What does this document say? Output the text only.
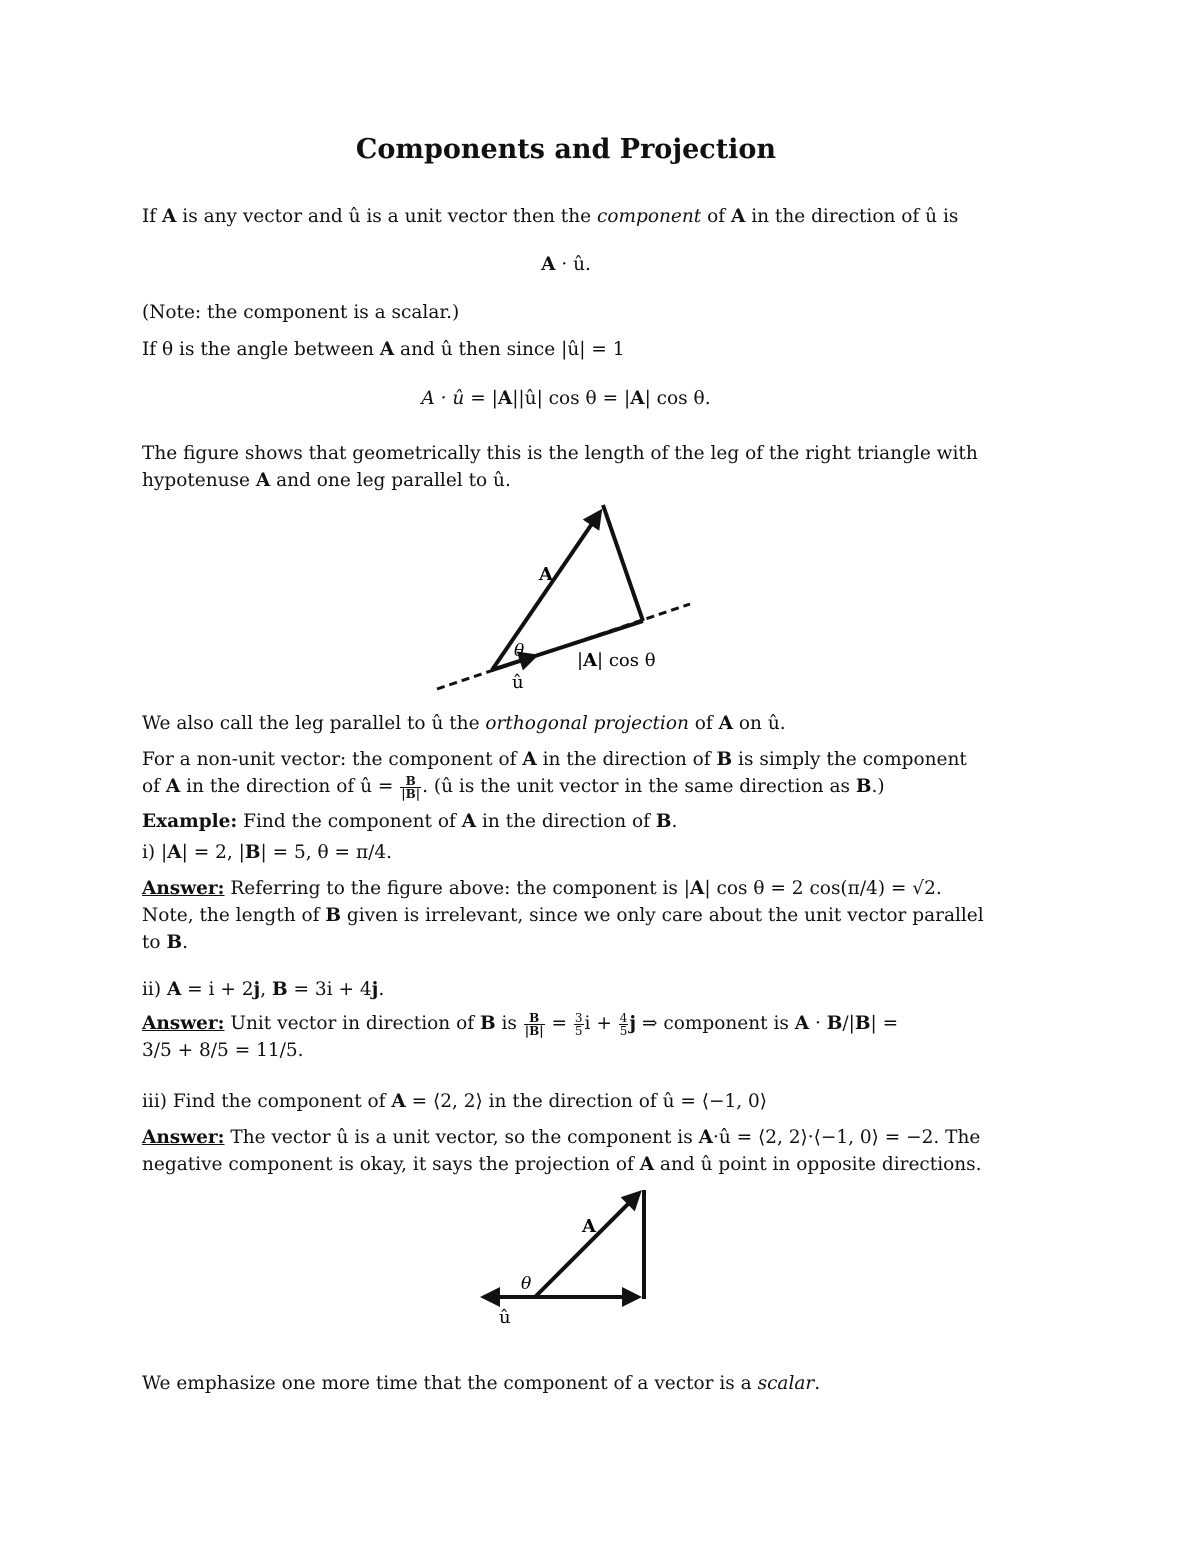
Components and Projection
If A is any vector and û is a unit vector then the component of A in the direction of û is
A · û.
(Note: the component is a scalar.)
If θ is the angle between A and û then since |û| = 1
A · û = |A||û| cos θ = |A| cos θ.
The figure shows that geometrically this is the length of the leg of the right triangle with
hypotenuse A and one leg parallel to û.
We also call the leg parallel to û the orthogonal projection of A on û.
For a non-unit vector: the component of A in the direction of B is simply the component
of A in the direction of û = $\frac{B}{|B|}$ . (û is the unit vector in the same direction as B.)
Example: Find the component of A in the direction of B.
i) |A| = 2, |B| = 5, θ = π/4.
Answer: Referring to the figure above: the component is |A| cos θ = 2 cos(π/4) = √2.
Note, the length of B given is irrelevant, since we only care about the unit vector parallel
to B.
ii) A = i + 2j, B = 3i + 4j.
Answer: Unit vector in direction of B is $\frac{B}{|B|} = \frac{3}{5}$ $i + \frac{4}{5}$ j ⇒ component is A · B/|B| =
3/5 + 8/5 = 11/5.
iii) Find the component of A = ⟨2, 2⟩ in the direction of û = ⟨−1, 0⟩
Answer: The vector û is a unit vector, so the component is A·û = ⟨2, 2⟩·⟨−1, 0⟩ = −2. The
negative component is okay, it says the projection of A and û point in opposite directions.
We emphasize one more time that the component of a vector is a scalar.
A
θ
û
|A| cos θ
A
θ
û
